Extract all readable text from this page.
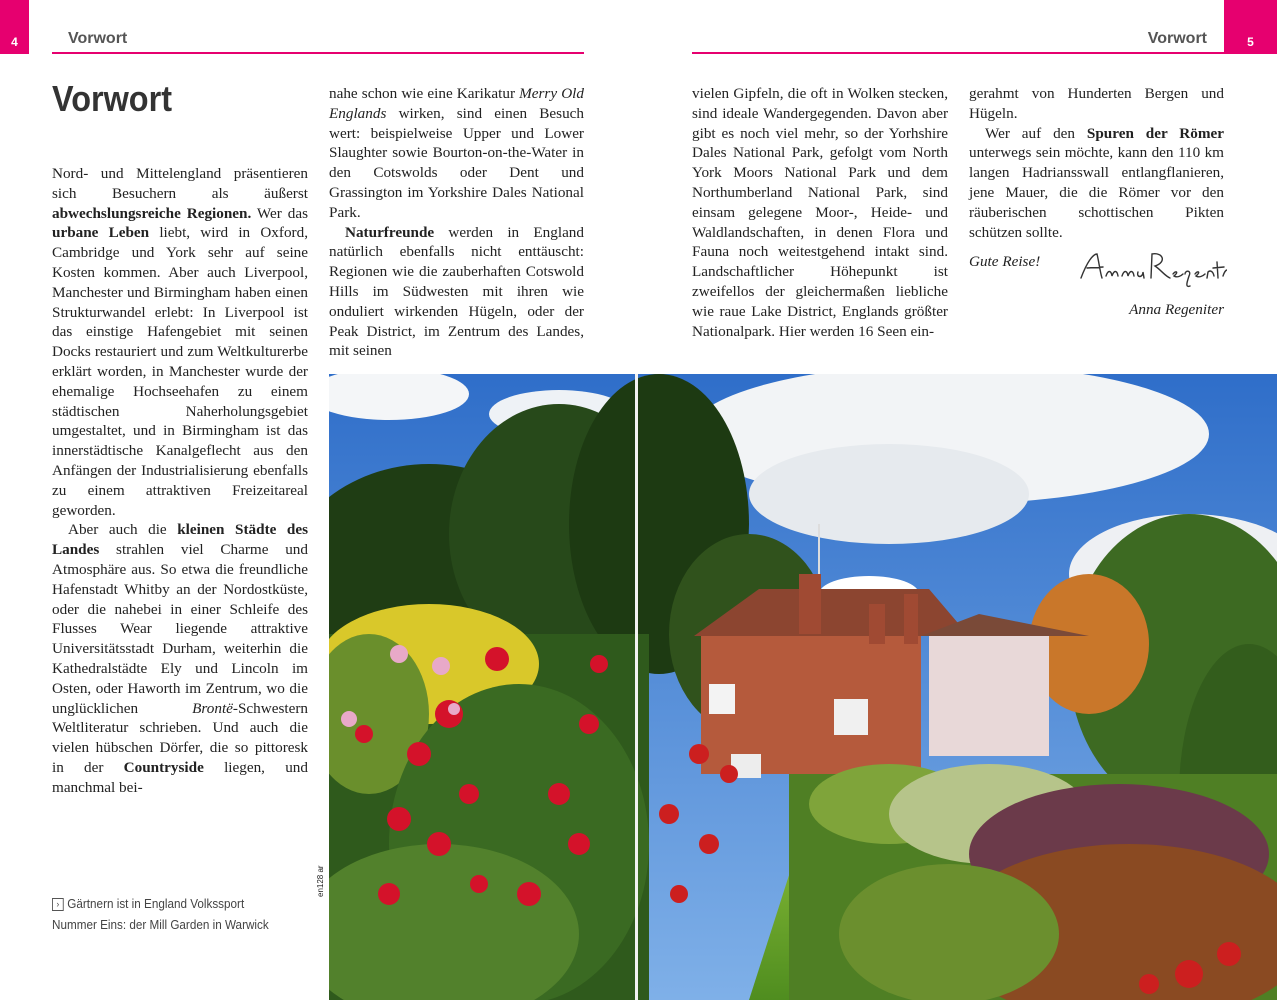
4	5
Vorwort	Vorwort
Vorwort

Nord- und Mittelengland präsentieren sich Besuchern als äußerst abwechslungsreiche Regionen. Wer das urbane Leben liebt, wird in Oxford, Cambridge und York sehr auf seine Kosten kommen. Aber auch Liverpool, Manchester und Birmingham haben einen Strukturwandel erlebt: In Liverpool ist das einstige Hafengebiet mit seinen Docks restauriert und zum Weltkulturerbe erklärt worden, in Manchester wurde der ehemalige Hochseehafen zu einem städtischen Naherholungsgebiet umgestaltet, und in Birmingham ist das innerstädtische Kanalgeflecht aus den Anfängen der Industrialisierung ebenfalls zu einem attraktiven Freizeitareal geworden.

Aber auch die kleinen Städte des Landes strahlen viel Charme und Atmosphäre aus. So etwa die freundliche Hafenstadt Whitby an der Nordostküste, oder die nahebei in einer Schleife des Flusses Wear liegende attraktive Universitätsstadt Durham, weiterhin die Kathedralstädte Ely und Lincoln im Osten, oder Haworth im Zentrum, wo die unglücklichen Brontë-Schwestern Weltliteratur schrieben. Und auch die vielen hübschen Dörfer, die so pittoresk in der Countryside liegen, und manchmal bei-

nahe schon wie eine Karikatur Merry Old Englands wirken, sind einen Besuch wert: beispielweise Upper und Lower Slaughter sowie Bourton-on-the-Water in den Cotswolds oder Dent und Grassington im Yorkshire Dales National Park.

Naturfreunde werden in England natürlich ebenfalls nicht enttäuscht: Regionen wie die zauberhaften Cotswold Hills im Südwesten mit ihren wie onduliert wirkenden Hügeln, oder der Peak District, im Zentrum des Landes, mit seinen

vielen Gipfeln, die oft in Wolken stecken, sind ideale Wandergegenden. Davon aber gibt es noch viel mehr, so der Yorhshire Dales National Park, gefolgt vom North York Moors National Park und dem Northumberland National Park, sind einsam gelegene Moor-, Heide- und Waldlandschaften, in denen Flora und Fauna noch weitestgehend intakt sind. Landschaftlicher Höhepunkt ist zweifellos der gleichermaßen liebliche wie raue Lake District, Englands größter Nationalpark. Hier werden 16 Seen ein-

gerahmt von Hunderten Bergen und Hügeln.

Wer auf den Spuren der Römer unterwegs sein möchte, kann den 110 km langen Hadriansswall entlangflanieren, jene Mauer, die die Römer vor den räuberischen schottischen Pikten schützen sollte.

Gute Reise!
Anna Regeniter
› Gärtnern ist in England Volkssport Nummer Eins: der Mill Garden in Warwick
en128 ar
